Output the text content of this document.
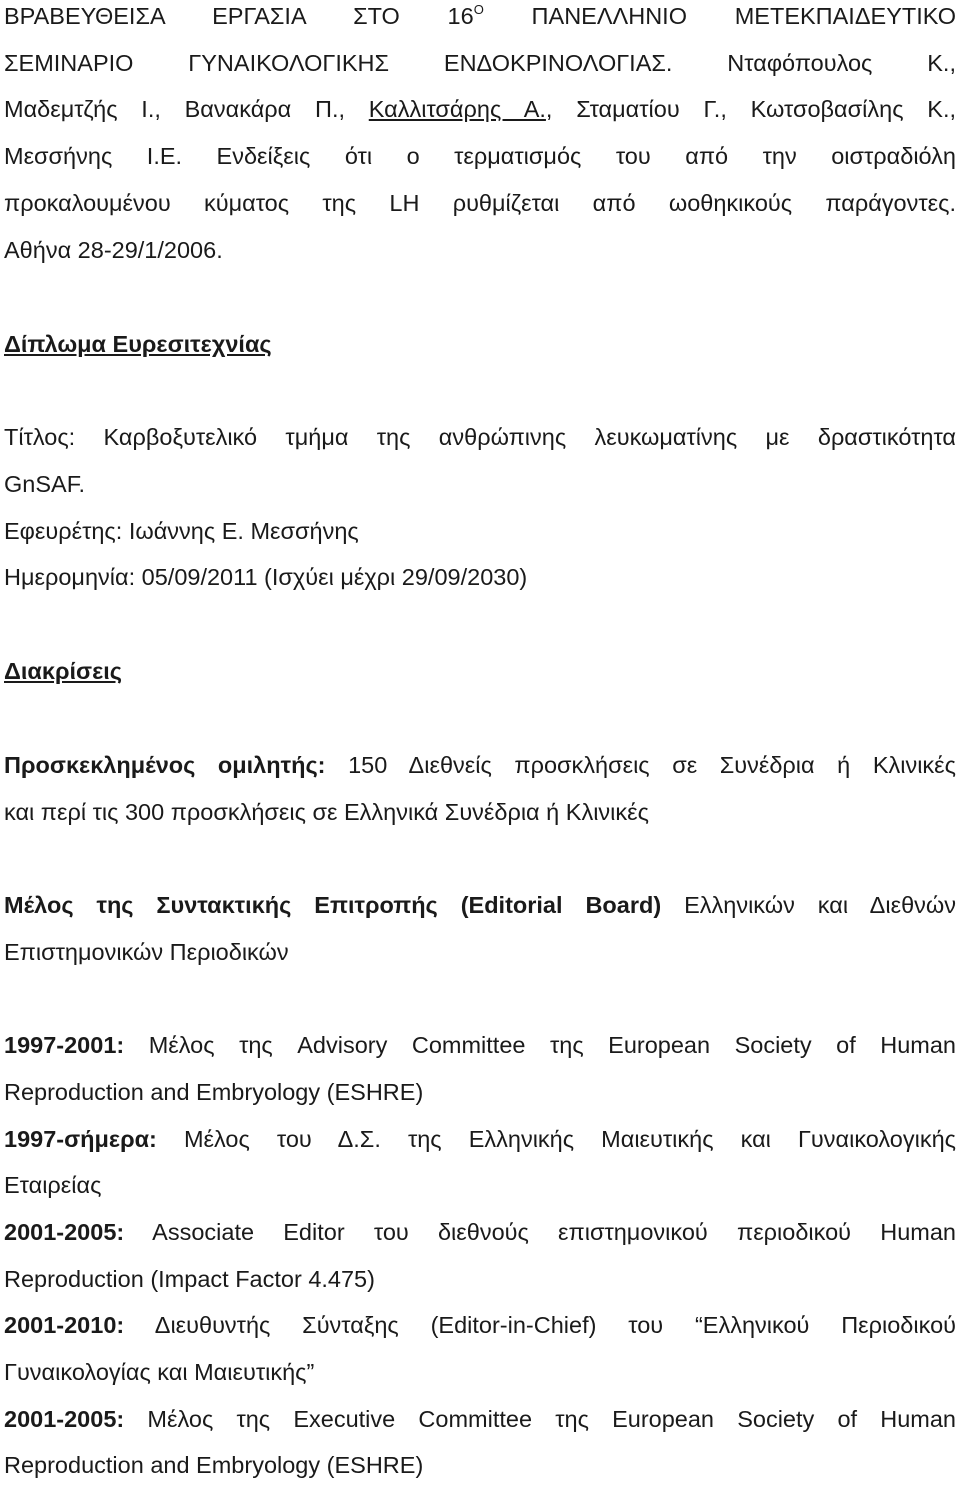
ΒΡΑΒΕΥΘΕΙΣΑ ΕΡΓΑΣΙΑ ΣΤΟ $16^O$ ΠΑΝΕΛΛΗΝΙΟ ΜΕΤΕΚΠΑΙΔΕΥΤΙΚΟ
ΣΕΜΙΝΑΡΙΟ ΓΥΝΑΙΚΟΛΟΓΙΚΗΣ ΕΝΔΟΚΡΙΝΟΛΟΓΙΑΣ. Νταφόπουλος Κ.,
Μαδεμτζής Ι., Βανακάρα Π., Καλλιτσάρης Α., Σταματίου Γ., Κωτσοβασίλης Κ.,
Μεσσήνης Ι.Ε. Ενδείξεις ότι ο τερματισμός του από την οιστραδιόλη
προκαλουμένου κύματος της LH ρυθμίζεται από ωοθηκικούς παράγοντες.
Αθήνα 28-29/1/2006.
Δίπλωμα Ευρεσιτεχνίας
Τίτλος: Καρβοξυτελικό τμήμα της ανθρώπινης λευκωματίνης με δραστικότητα
GnSAF.
Εφευρέτης: Ιωάννης Ε. Μεσσήνης
Ημερομηνία: 05/09/2011 (Ισχύει μέχρι 29/09/2030)
Διακρίσεις
Προσκεκλημένος ομιλητής: 150 Διεθνείς προσκλήσεις σε Συνέδρια ή Κλινικές
και περί τις 300 προσκλήσεις σε Ελληνικά Συνέδρια ή Κλινικές
Μέλος της Συντακτικής Επιτροπής (Editorial Board) Ελληνικών και Διεθνών
Επιστημονικών Περιοδικών
1997-2001: Μέλος της Advisory Committee της European Society of Human
Reproduction and Embryology (ESHRE)
1997-σήμερα: Μέλος του Δ.Σ. της Ελληνικής Μαιευτικής και Γυναικολογικής
Εταιρείας
2001-2005: Associate Editor του διεθνούς επιστημονικού περιοδικού Human
Reproduction (Impact Factor 4.475)
2001-2010: Διευθυντής Σύνταξης (Editor-in-Chief) του “Ελληνικού Περιοδικού
Γυναικολογίας και Μαιευτικής”
2001-2005: Μέλος της Executive Committee της European Society of Human
Reproduction and Embryology (ESHRE)
